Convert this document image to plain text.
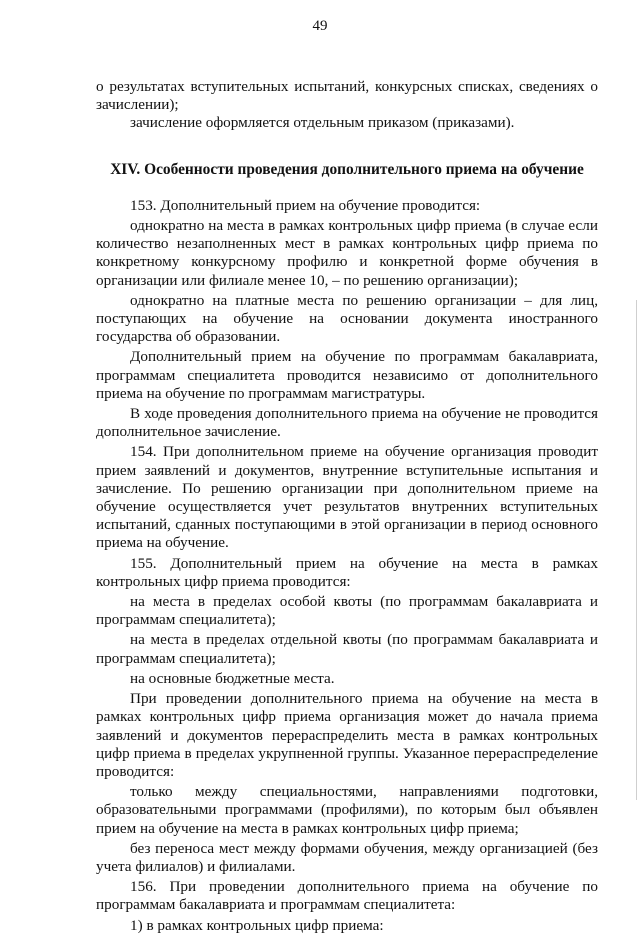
49

о результатах вступительных испытаний, конкурсных списках, сведениях о зачислении);

зачисление оформляется отдельным приказом (приказами).

XIV. Особенности проведения дополнительного приема на обучение

153. Дополнительный прием на обучение проводится:

однократно на места в рамках контрольных цифр приема (в случае если количество незаполненных мест в рамках контрольных цифр приема по конкретному конкурсному профилю и конкретной форме обучения в организации или филиале менее 10, – по решению организации);

однократно на платные места по решению организации – для лиц, поступающих на обучение на основании документа иностранного государства об образовании.

Дополнительный прием на обучение по программам бакалавриата, программам специалитета проводится независимо от дополнительного приема на обучение по программам магистратуры.

В ходе проведения дополнительного приема на обучение не проводится дополнительное зачисление.

154. При дополнительном приеме на обучение организация проводит прием заявлений и документов, внутренние вступительные испытания и зачисление. По решению организации при дополнительном приеме на обучение осуществляется учет результатов внутренних вступительных испытаний, сданных поступающими в этой организации в период основного приема на обучение.

155. Дополнительный прием на обучение на места в рамках контрольных цифр приема проводится:

на места в пределах особой квоты (по программам бакалавриата и программам специалитета);

на места в пределах отдельной квоты (по программам бакалавриата и программам специалитета);

на основные бюджетные места.

При проведении дополнительного приема на обучение на места в рамках контрольных цифр приема организация может до начала приема заявлений и документов перераспределить места в рамках контрольных цифр приема в пределах укрупненной группы. Указанное перераспределение проводится:

только между специальностями, направлениями подготовки, образовательными программами (профилями), по которым был объявлен прием на обучение на места в рамках контрольных цифр приема;

без переноса мест между формами обучения, между организацией (без учета филиалов) и филиалами.

156. При проведении дополнительного приема на обучение по программам бакалавриата и программам специалитета:

1) в рамках контрольных цифр приема:
